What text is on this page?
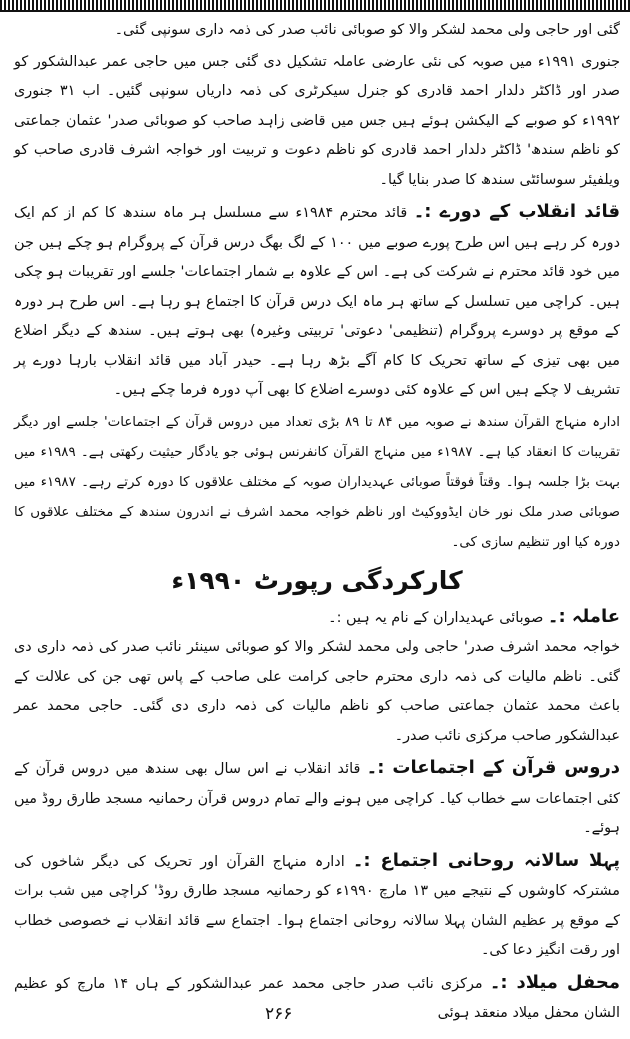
گئی اور حاجی ولی محمد لشکر والا کو صوبائی نائب صدر کی ذمہ داری سونپی گئی۔

جنوری ۱۹۹۱ء میں صوبہ کی نئی عارضی عاملہ تشکیل دی گئی جس میں حاجی عمر عبدالشکور کو صدر اور ڈاکٹر دلدار احمد قادری کو جنرل سیکرٹری کی ذمہ داریاں سونپی گئیں۔ اب ۳۱ جنوری ۱۹۹۲ء کو صوبے کے الیکشن ہوئے ہیں جس میں قاضی زاہد صاحب کو صوبائی صدر' عثمان جماعتی کو ناظم سندھ' ڈاکٹر دلدار احمد قادری کو ناظم دعوت و تربیت اور خواجہ اشرف قادری صاحب کو ویلفیئر سوسائٹی سندھ کا صدر بنایا گیا۔

قائد انقلاب کے دورے :۔ قائد محترم ۱۹۸۴ء سے مسلسل ہر ماہ سندھ کا کم از کم ایک دورہ کر رہے ہیں اس طرح پورے صوبے میں ۱۰۰ کے لگ بھگ درس قرآن کے پروگرام ہو چکے ہیں جن میں خود قائد محترم نے شرکت کی ہے۔ اس کے علاوہ بے شمار اجتماعات' جلسے اور تقریبات ہو چکی ہیں۔ کراچی میں تسلسل کے ساتھ ہر ماہ ایک درس قرآن کا اجتماع ہو رہا ہے۔ اس طرح ہر دورہ کے موقع پر دوسرے پروگرام (تنظیمی' دعوتی' تربیتی وغیرہ) بھی ہوتے ہیں۔ سندھ کے دیگر اضلاع میں بھی تیزی کے ساتھ تحریک کا کام آگے بڑھ رہا ہے۔ حیدر آباد میں قائد انقلاب بارہا دورے پر تشریف لا چکے ہیں اس کے علاوہ کئی دوسرے اضلاع کا بھی آپ دورہ فرما چکے ہیں۔

ادارہ منہاج القرآن سندھ نے صوبہ میں ۸۴ تا ۸۹ بڑی تعداد میں دروس قرآن کے اجتماعات' جلسے اور دیگر تقریبات کا انعقاد کیا ہے۔ ۱۹۸۷ء میں منہاج القرآن کانفرنس ہوئی جو یادگار حیثیت رکھتی ہے۔ ۱۹۸۹ء میں بہت بڑا جلسہ ہوا۔ وقتاً فوقتاً صوبائی عہدیداران صوبہ کے مختلف علاقوں کا دورہ کرتے رہے۔ ۱۹۸۷ء میں صوبائی صدر ملک نور خان ایڈووکیٹ اور ناظم خواجہ محمد اشرف نے اندرون سندھ کے مختلف علاقوں کا دورہ کیا اور تنظیم سازی کی۔

کارکردگی رپورٹ ۱۹۹۰ء

عاملہ :۔ صوبائی عہدیداران کے نام یہ ہیں :۔

خواجہ محمد اشرف صدر' حاجی ولی محمد لشکر والا کو صوبائی سینئر نائب صدر کی ذمہ داری دی گئی۔ ناظم مالیات کی ذمہ داری محترم حاجی کرامت علی صاحب کے پاس تھی جن کی علالت کے باعث محمد عثمان جماعتی صاحب کو ناظم مالیات کی ذمہ داری دی گئی۔ حاجی محمد عمر عبدالشکور صاحب مرکزی نائب صدر۔

دروس قرآن کے اجتماعات :۔ قائد انقلاب نے اس سال بھی سندھ میں دروس قرآن کے کئی اجتماعات سے خطاب کیا۔ کراچی میں ہونے والے تمام دروس قرآن رحمانیہ مسجد طارق روڈ میں ہوئے۔

پہلا سالانہ روحانی اجتماع :۔ ادارہ منہاج القرآن اور تحریک کی دیگر شاخوں کی مشترکہ کاوشوں کے نتیجے میں ۱۳ مارچ ۱۹۹۰ء کو رحمانیہ مسجد طارق روڈ' کراچی میں شب برات کے موقع پر عظیم الشان پہلا سالانہ روحانی اجتماع ہوا۔ اجتماع سے قائد انقلاب نے خصوصی خطاب اور رقت انگیز دعا کی۔

محفل میلاد :۔ مرکزی نائب صدر حاجی محمد عمر عبدالشکور کے ہاں ۱۴ مارچ کو عظیم الشان محفل میلاد منعقد ہوئی

۲۶۶
